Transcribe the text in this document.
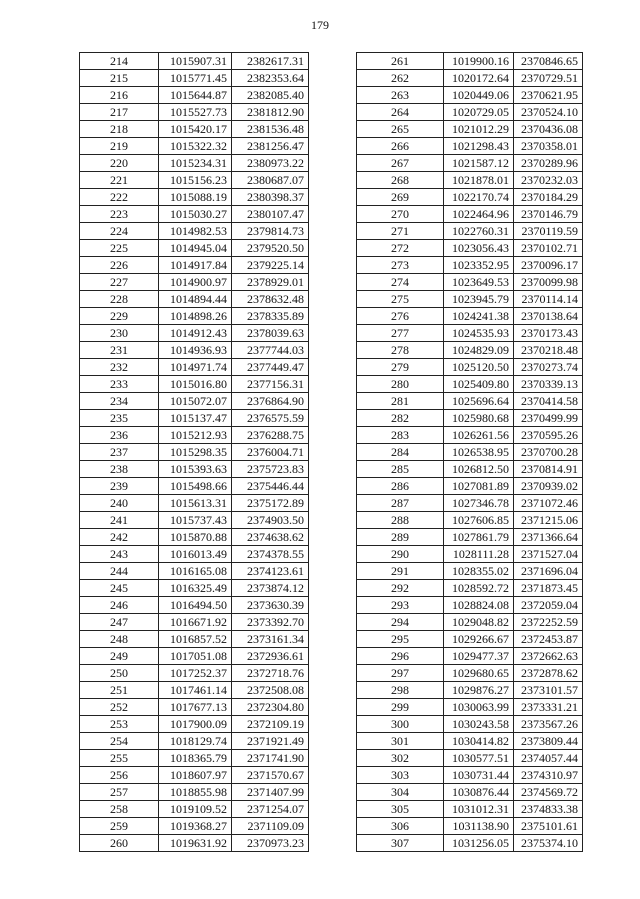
179
214	1015907.31	2382617.31
215	1015771.45	2382353.64
216	1015644.87	2382085.40
217	1015527.73	2381812.90
218	1015420.17	2381536.48
219	1015322.32	2381256.47
220	1015234.31	2380973.22
221	1015156.23	2380687.07
222	1015088.19	2380398.37
223	1015030.27	2380107.47
224	1014982.53	2379814.73
225	1014945.04	2379520.50
226	1014917.84	2379225.14
227	1014900.97	2378929.01
228	1014894.44	2378632.48
229	1014898.26	2378335.89
230	1014912.43	2378039.63
231	1014936.93	2377744.03
232	1014971.74	2377449.47
233	1015016.80	2377156.31
234	1015072.07	2376864.90
235	1015137.47	2376575.59
236	1015212.93	2376288.75
237	1015298.35	2376004.71
238	1015393.63	2375723.83
239	1015498.66	2375446.44
240	1015613.31	2375172.89
241	1015737.43	2374903.50
242	1015870.88	2374638.62
243	1016013.49	2374378.55
244	1016165.08	2374123.61
245	1016325.49	2373874.12
246	1016494.50	2373630.39
247	1016671.92	2373392.70
248	1016857.52	2373161.34
249	1017051.08	2372936.61
250	1017252.37	2372718.76
251	1017461.14	2372508.08
252	1017677.13	2372304.80
253	1017900.09	2372109.19
254	1018129.74	2371921.49
255	1018365.79	2371741.90
256	1018607.97	2371570.67
257	1018855.98	2371407.99
258	1019109.52	2371254.07
259	1019368.27	2371109.09
260	1019631.92	2370973.23
261	1019900.16	2370846.65
262	1020172.64	2370729.51
263	1020449.06	2370621.95
264	1020729.05	2370524.10
265	1021012.29	2370436.08
266	1021298.43	2370358.01
267	1021587.12	2370289.96
268	1021878.01	2370232.03
269	1022170.74	2370184.29
270	1022464.96	2370146.79
271	1022760.31	2370119.59
272	1023056.43	2370102.71
273	1023352.95	2370096.17
274	1023649.53	2370099.98
275	1023945.79	2370114.14
276	1024241.38	2370138.64
277	1024535.93	2370173.43
278	1024829.09	2370218.48
279	1025120.50	2370273.74
280	1025409.80	2370339.13
281	1025696.64	2370414.58
282	1025980.68	2370499.99
283	1026261.56	2370595.26
284	1026538.95	2370700.28
285	1026812.50	2370814.91
286	1027081.89	2370939.02
287	1027346.78	2371072.46
288	1027606.85	2371215.06
289	1027861.79	2371366.64
290	1028111.28	2371527.04
291	1028355.02	2371696.04
292	1028592.72	2371873.45
293	1028824.08	2372059.04
294	1029048.82	2372252.59
295	1029266.67	2372453.87
296	1029477.37	2372662.63
297	1029680.65	2372878.62
298	1029876.27	2373101.57
299	1030063.99	2373331.21
300	1030243.58	2373567.26
301	1030414.82	2373809.44
302	1030577.51	2374057.44
303	1030731.44	2374310.97
304	1030876.44	2374569.72
305	1031012.31	2374833.38
306	1031138.90	2375101.61
307	1031256.05	2375374.10
